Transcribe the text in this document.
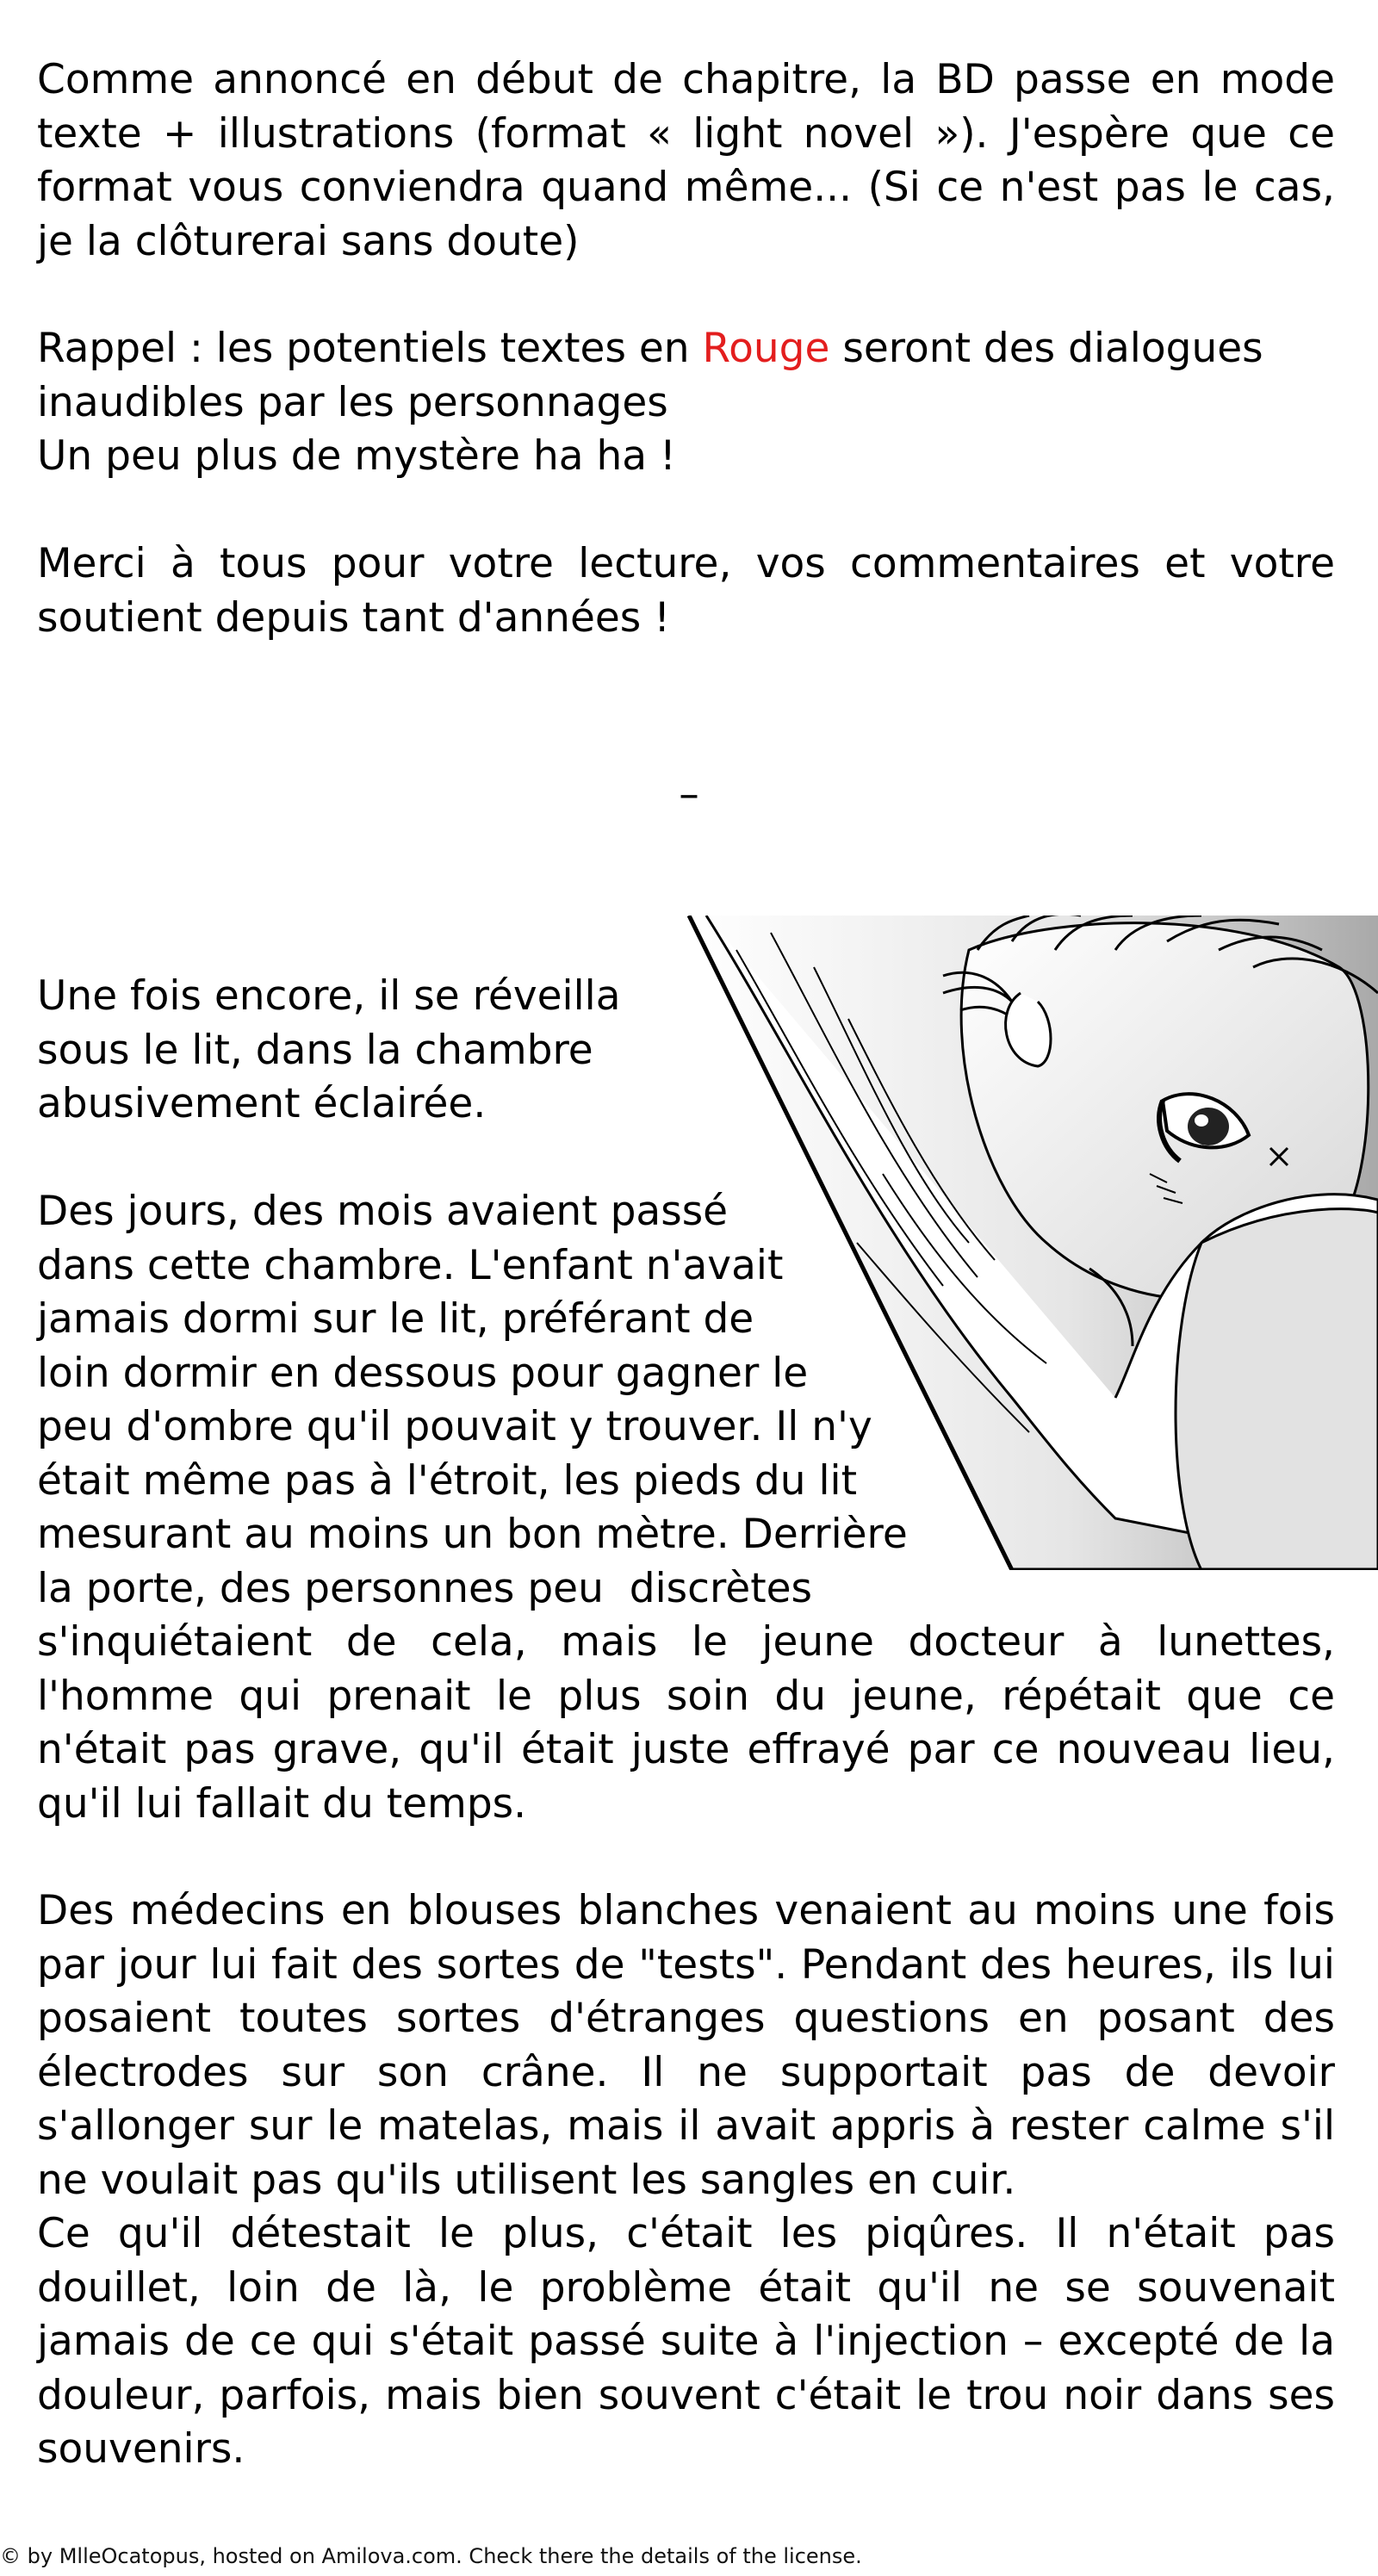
Comme annoncé en début de chapitre, la BD passe en mode texte + illustrations (format « light novel »). J'espère que ce format vous conviendra quand même... (Si ce n'est pas le cas, je la clôturerai sans doute)

Rappel : les potentiels textes en Rouge seront des dialogues
inaudibles par les personnages
Un peu plus de mystère ha ha !

Merci à tous pour votre lecture, vos commentaires et votre soutient depuis tant d'années !

–
Une fois encore, il se réveilla
sous le lit, dans la chambre
abusivement éclairée.

Des jours, des mois avaient passé
dans cette chambre. L'enfant n'avait
jamais dormi sur le lit, préférant de
loin dormir en dessous pour gagner le
peu d'ombre qu'il pouvait y trouver. Il n'y
était même pas à l'étroit, les pieds du lit
mesurant au moins un bon mètre. Derrière
la porte, des personnes peu  discrètes

s'inquiétaient de cela, mais le jeune docteur à lunettes, l'homme qui prenait le plus soin du jeune, répétait que ce n'était pas grave, qu'il était juste effrayé par ce nouveau lieu, qu'il lui fallait du temps.

Des médecins en blouses blanches venaient au moins une fois par jour lui fait des sortes de "tests". Pendant des heures, ils lui posaient toutes sortes d'étranges questions en posant des électrodes sur son crâne. Il ne supportait pas de devoir s'allonger sur le matelas, mais il avait appris à rester calme s'il ne voulait pas qu'ils utilisent les sangles en cuir.

Ce qu'il détestait le plus, c'était les piqûres. Il n'était pas douillet, loin de là, le problème était qu'il ne se souvenait jamais de ce qui s'était passé suite à l'injection – excepté de la douleur, parfois, mais bien souvent c'était le trou noir dans ses souvenirs.

© by MlleOcatopus, hosted on Amilova.com. Check there the details of the license.
